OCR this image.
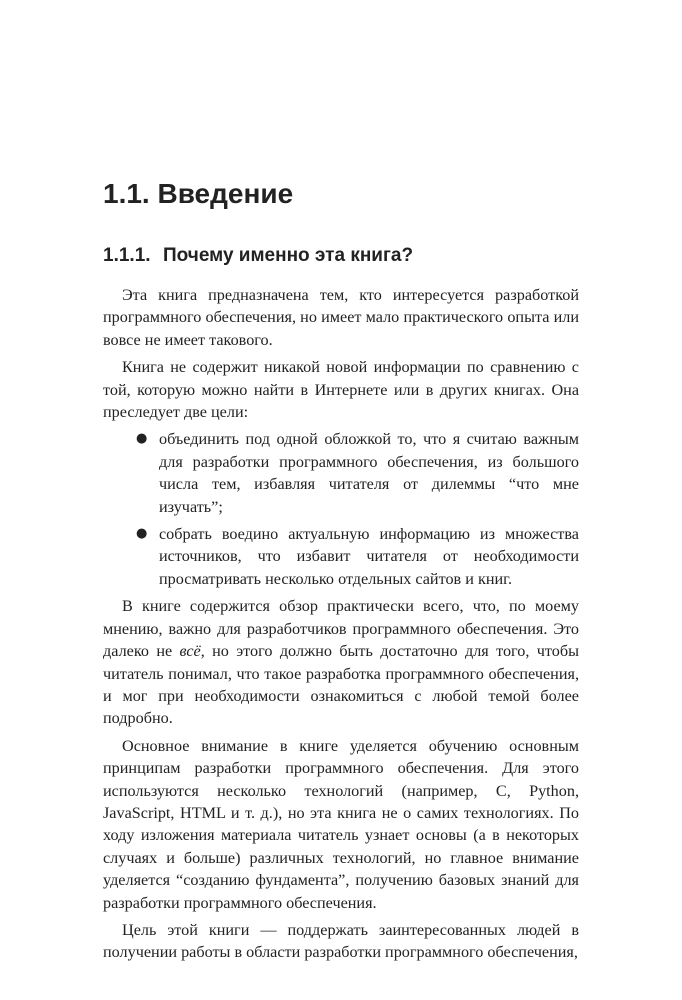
1.1. Введение
1.1.1. Почему именно эта книга?

Эта книга предназначена тем, кто интересуется разработкой программного обеспечения, но имеет мало практического опыта или вовсе не имеет такового.

Книга не содержит никакой новой информации по сравнению с той, которую можно найти в Интернете или в других книгах. Она преследует две цели:

● объединить под одной обложкой то, что я считаю важным для разработки программного обеспечения, из большого числа тем, избавляя читателя от дилеммы “что мне изучать”;
● собрать воедино актуальную информацию из множества источников, что избавит читателя от необходимости просматривать несколько отдельных сайтов и книг.

В книге содержится обзор практически всего, что, по моему мнению, важно для разработчиков программного обеспечения. Это далеко не всё, но этого должно быть достаточно для того, чтобы читатель понимал, что такое разработка программного обеспечения, и мог при необходимости ознакомиться с любой темой более подробно.

Основное внимание в книге уделяется обучению основным принципам разработки программного обеспечения. Для этого используются несколько технологий (например, C, Python, JavaScript, HTML и т. д.), но эта книга не о самих технологиях. По ходу изложения материала читатель узнает основы (а в некоторых случаях и больше) различных технологий, но главное внимание уделяется “созданию фундамента”, получению базовых знаний для разработки программного обеспечения.

Цель этой книги — поддержать заинтересованных людей в получении работы в области разработки программного обеспечения,
